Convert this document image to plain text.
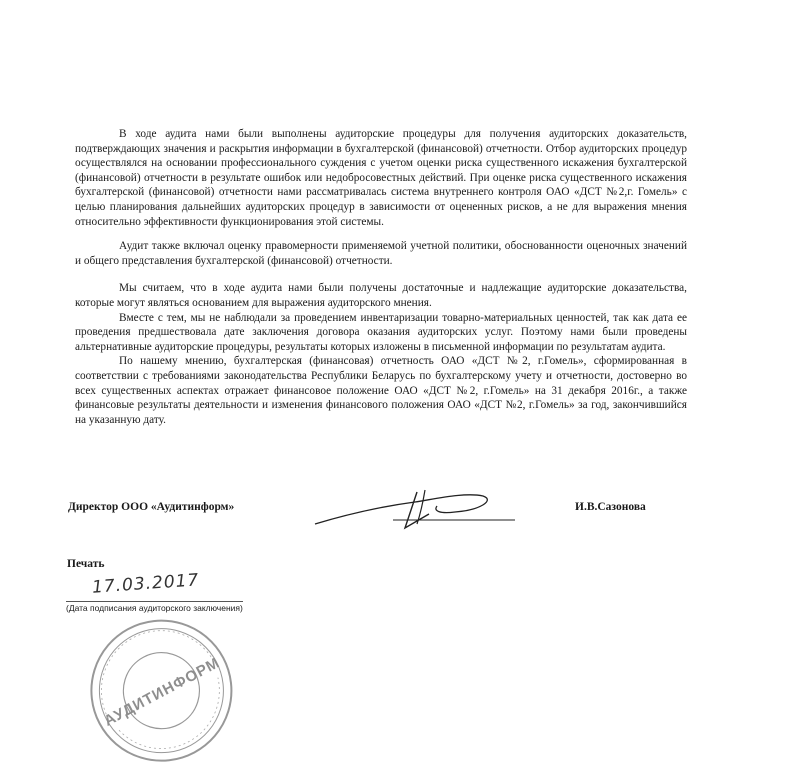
В ходе аудита нами были выполнены аудиторские процедуры для получения аудиторских доказательств, подтверждающих значения и раскрытия информации в бухгалтерской (финансовой) отчетности. Отбор аудиторских процедур осуществлялся на основании профессионального суждения с учетом оценки риска существенного искажения бухгалтерской (финансовой) отчетности в результате ошибок или недобросовестных действий. При оценке риска существенного искажения бухгалтерской (финансовой) отчетности нами рассматривалась система внутреннего контроля ОАО «ДСТ №2,г. Гомель» с целью планирования дальнейших аудиторских процедур в зависимости от оцененных рисков, а не для выражения мнения относительно эффективности функционирования этой системы.

Аудит также включал оценку правомерности применяемой учетной политики, обоснованности оценочных значений и общего представления бухгалтерской (финансовой) отчетности.

Мы считаем, что в ходе аудита нами были получены достаточные и надлежащие аудиторские доказательства, которые могут являться основанием для выражения аудиторского мнения.

Вместе с тем, мы не наблюдали за проведением инвентаризации товарно-материальных ценностей, так как дата ее проведения предшествовала дате заключения договора оказания аудиторских услуг. Поэтому нами были проведены альтернативные аудиторские процедуры, результаты которых изложены в письменной информации по результатам аудита.

По нашему мнению, бухгалтерская (финансовая) отчетность ОАО «ДСТ №2, г.Гомель», сформированная в соответствии с требованиями законодательства Республики Беларусь по бухгалтерскому учету и отчетности, достоверно во всех существенных аспектах отражает финансовое положение ОАО «ДСТ №2, г.Гомель» на 31 декабря 2016г., а также финансовые результаты деятельности и изменения финансового положения ОАО «ДСТ №2, г.Гомель» за год, закончившийся на указанную дату.

Директор ООО «Аудитинформ»	И.В.Сазонова
Печать
17.03.2017
(Дата подписания аудиторского заключения)
АУДИТИНФОРМ
